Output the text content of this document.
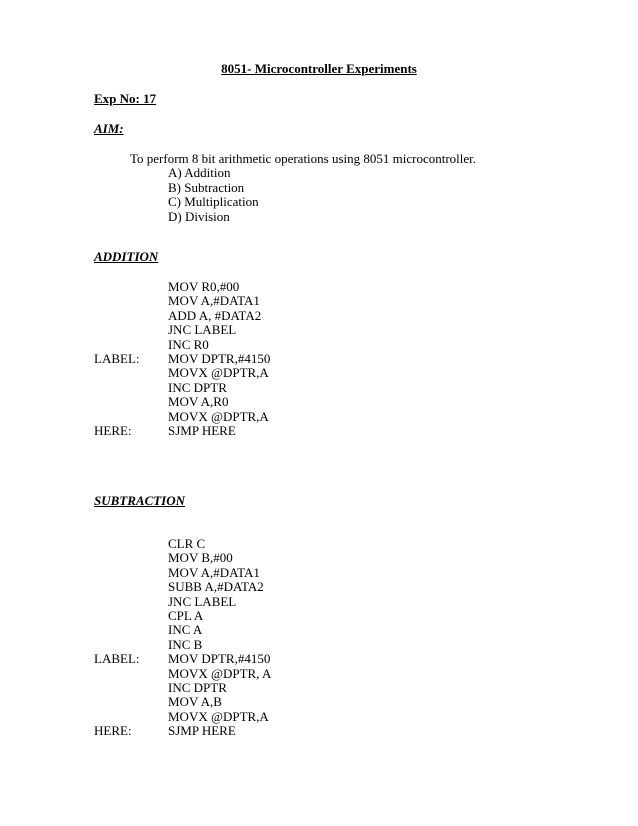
8051- Microcontroller Experiments
Exp No: 17
AIM:
To perform 8 bit arithmetic operations using 8051 microcontroller.
A) Addition
B) Subtraction
C) Multiplication
D) Division
ADDITION
MOV R0,#00
MOV A,#DATA1
ADD A, #DATA2
JNC LABEL
INC R0
LABEL:	MOV DPTR,#4150
MOVX @DPTR,A
INC DPTR
MOV A,R0
MOVX @DPTR,A
HERE:	SJMP HERE
SUBTRACTION
CLR C
MOV B,#00
MOV A,#DATA1
SUBB A,#DATA2
JNC LABEL
CPL A
INC A
INC B
LABEL:	MOV DPTR,#4150
MOVX @DPTR, A
INC DPTR
MOV A,B
MOVX @DPTR,A
HERE:	SJMP HERE
